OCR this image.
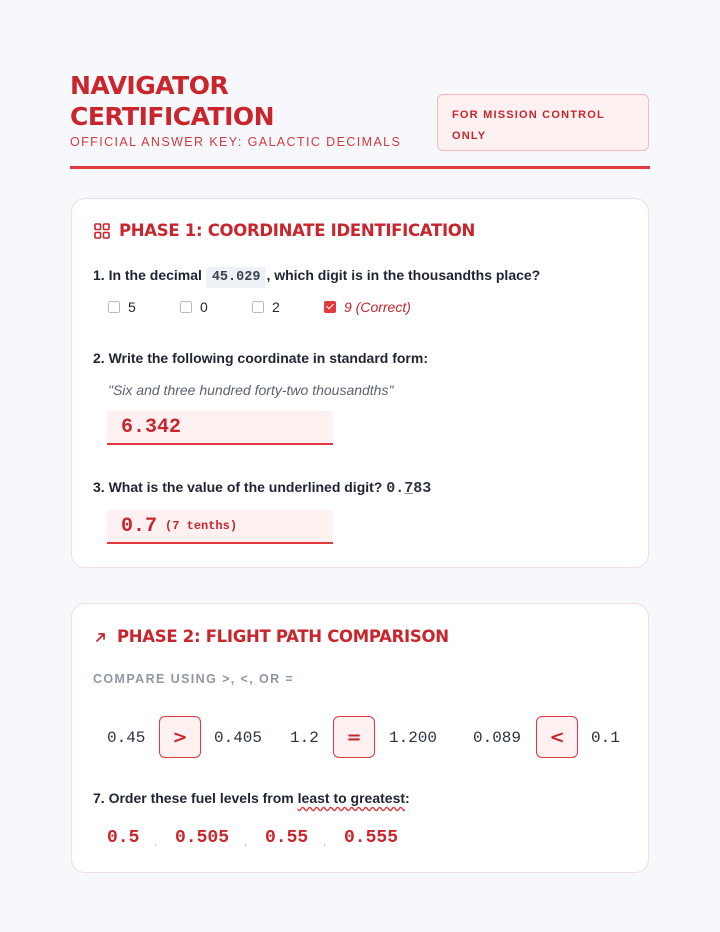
NAVIGATOR
CERTIFICATION
OFFICIAL ANSWER KEY: GALACTIC DECIMALS
FOR MISSION CONTROL
ONLY
PHASE 1: COORDINATE IDENTIFICATION
1. In the decimal 45.029 , which digit is in the thousandths place?
5	0	2	9 (Correct)
2. Write the following coordinate in standard form:
"Six and three hundred forty-two thousandths"
6.342
3. What is the value of the underlined digit? 0.783
0.7 (7 tenths)
PHASE 2: FLIGHT PATH COMPARISON
COMPARE USING >, <, OR =
0.45	>	0.405 1.2	=	1.200 0.089	<	0.1
7. Order these fuel levels from least to greatest:
0.5 , 0.505 , 0.55 , 0.555
